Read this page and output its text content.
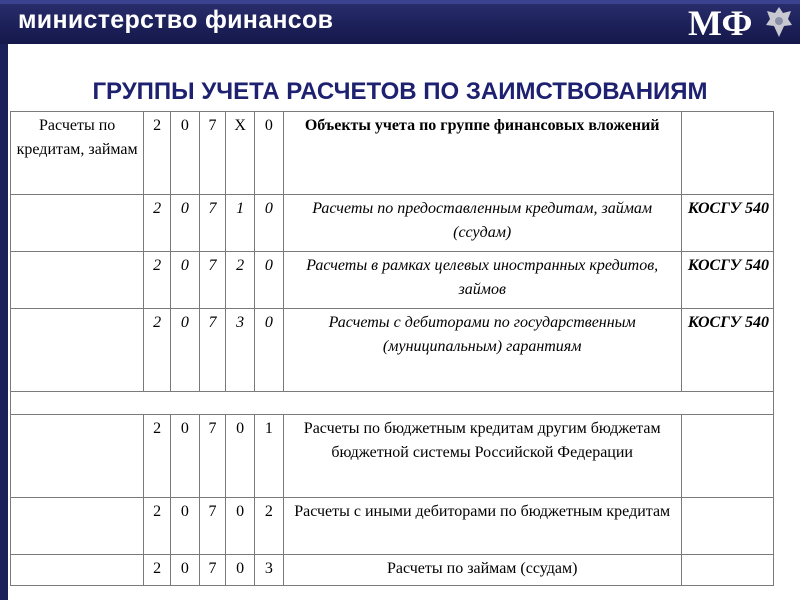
министерство финансов	МФ
ГРУППЫ УЧЕТА РАСЧЕТОВ ПО ЗАИМСТВОВАНИЯМ
Расчеты по кредитам, займам	2	0	7	Х	0	Объекты учета по группе финансовых вложений	
	2	0	7	1	0	Расчеты по предоставленным кредитам, займам (ссудам)	КОСГУ 540
	2	0	7	2	0	Расчеты в рамках целевых иностранных кредитов, займов	КОСГУ 540
	2	0	7	3	0	Расчеты с дебиторами по государственным (муниципальным) гарантиям	КОСГУ 540

	2	0	7	0	1	Расчеты по бюджетным кредитам другим бюджетам бюджетной системы Российской Федерации	
	2	0	7	0	2	Расчеты с иными дебиторами по бюджетным кредитам	
	2	0	7	0	3	Расчеты по займам (ссудам)	
